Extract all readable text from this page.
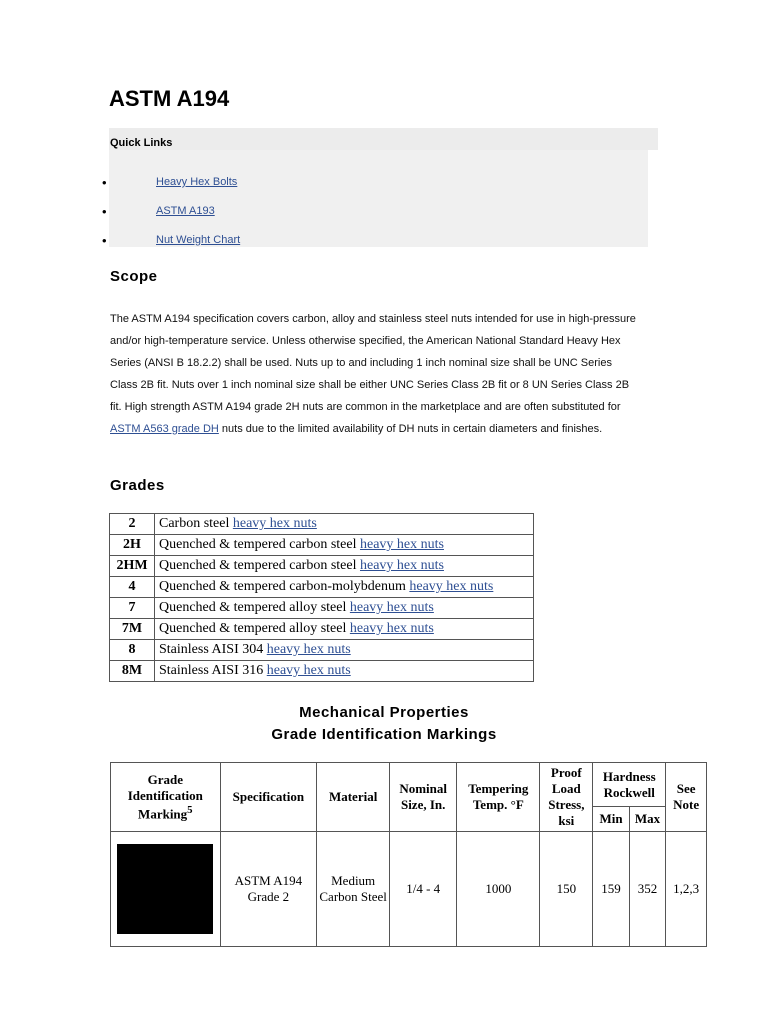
ASTM A194
Quick Links
•	Heavy Hex Bolts
•	ASTM A193
•	Nut Weight Chart
Scope

The ASTM A194 specification covers carbon, alloy and stainless steel nuts intended for use in high-pressure and/or high-temperature service. Unless otherwise specified, the American National Standard Heavy Hex Series (ANSI B 18.2.2) shall be used. Nuts up to and including 1 inch nominal size shall be UNC Series Class 2B fit. Nuts over 1 inch nominal size shall be either UNC Series Class 2B fit or 8 UN Series Class 2B fit. High strength ASTM A194 grade 2H nuts are common in the marketplace and are often substituted for ASTM A563 grade DH nuts due to the limited availability of DH nuts in certain diameters and finishes.

Grades
2	Carbon steel heavy hex nuts
2H	Quenched & tempered carbon steel heavy hex nuts
2HM	Quenched & tempered carbon steel heavy hex nuts
4	Quenched & tempered carbon-molybdenum heavy hex nuts
7	Quenched & tempered alloy steel heavy hex nuts
7M	Quenched & tempered alloy steel heavy hex nuts
8	Stainless AISI 304 heavy hex nuts
8M	Stainless AISI 316 heavy hex nuts
Mechanical Properties
Grade Identification Markings
Grade Identification Marking$^5$	Specification	Material	Nominal Size, In.	Tempering Temp. °F	Proof Load Stress, ksi	Hardness Rockwell		See Note
						Min	Max	

	ASTM A194 Grade 2	Medium Carbon Steel	1/4 - 4	1000	150	159	352	1,2,3
